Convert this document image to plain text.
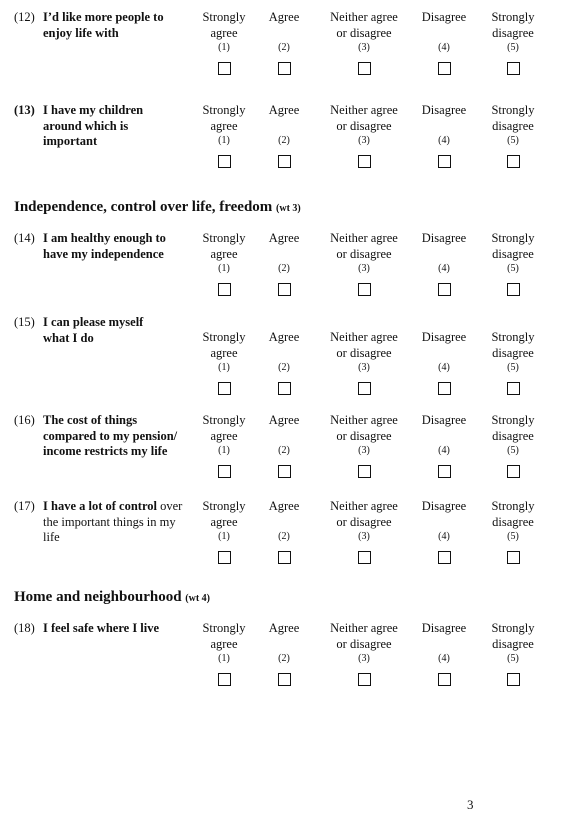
(12) I’d like more people to enjoy life with
Strongly
agree
(1)
Agree
(2)
Neither agree
or disagree
(3)
Disagree
(4)
Strongly
disagree
(5)
(13) I have my children around which is important
Strongly
agree
(1)
Agree
(2)
Neither agree
or disagree
(3)
Disagree
(4)
Strongly
disagree
(5)
Independence, control over life, freedom (wt 3)
(14) I am healthy enough to have my independence
Strongly
agree
(1)
Agree
(2)
Neither agree
or disagree
(3)
Disagree
(4)
Strongly
disagree
(5)
(15) I can please myself what I do	Strongly
agree
(1)
Agree
(2)
Neither agree
or disagree
(3)
Disagree
(4)
Strongly
disagree
(5)
(16) The cost of things compared to my pension/ income restricts my life
Strongly
agree
(1)
Agree
(2)
Neither agree
or disagree
(3)
Disagree
(4)
Strongly
disagree
(5)
(17) I have a lot of control over the important things in my life
Strongly
agree
(1)
Agree
(2)
Neither agree
or disagree
(3)
Disagree
(4)
Strongly
disagree
(5)
Home and neighbourhood (wt 4)
(18) I feel safe where I live	Strongly
agree
(1)
Agree
(2)
Neither agree
or disagree
(3)
Disagree
(4)
Strongly
disagree
(5)
3
